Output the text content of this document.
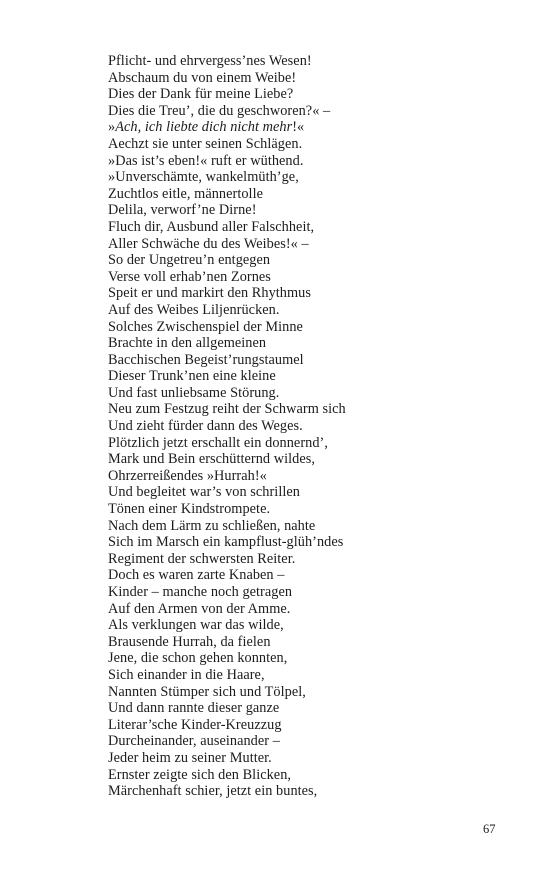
Pflicht- und ehrvergess’nes Wesen!
Abschaum du von einem Weibe!
Dies der Dank für meine Liebe?
Dies die Treu’, die du geschworen?« –
»Ach, ich liebte dich nicht mehr!«
Aechzt sie unter seinen Schlägen.
»Das ist’s eben!« ruft er wüthend.
»Unverschämte, wankelmüth’ge,
Zuchtlos eitle, männertolle
Delila, verworf’ne Dirne!
Fluch dir, Ausbund aller Falschheit,
Aller Schwäche du des Weibes!« –
So der Ungetreu’n entgegen
Verse voll erhab’nen Zornes
Speit er und markirt den Rhythmus
Auf des Weibes Liljenrücken.
Solches Zwischenspiel der Minne
Brachte in den allgemeinen
Bacchischen Begeist’rungstaumel
Dieser Trunk’nen eine kleine
Und fast unliebsame Störung.
Neu zum Festzug reiht der Schwarm sich
Und zieht fürder dann des Weges.
Plötzlich jetzt erschallt ein donnernd’,
Mark und Bein erschütternd wildes,
Ohrzerreißendes »Hurrah!«
Und begleitet war’s von schrillen
Tönen einer Kindstrompete.
Nach dem Lärm zu schließen, nahte
Sich im Marsch ein kampflust-glüh’ndes
Regiment der schwersten Reiter.
Doch es waren zarte Knaben –
Kinder – manche noch getragen
Auf den Armen von der Amme.
Als verklungen war das wilde,
Brausende Hurrah, da fielen
Jene, die schon gehen konnten,
Sich einander in die Haare,
Nannten Stümper sich und Tölpel,
Und dann rannte dieser ganze
Literar’sche Kinder-Kreuzzug
Durcheinander, auseinander –
Jeder heim zu seiner Mutter.
Ernster zeigte sich den Blicken,
Märchenhaft schier, jetzt ein buntes,
67
